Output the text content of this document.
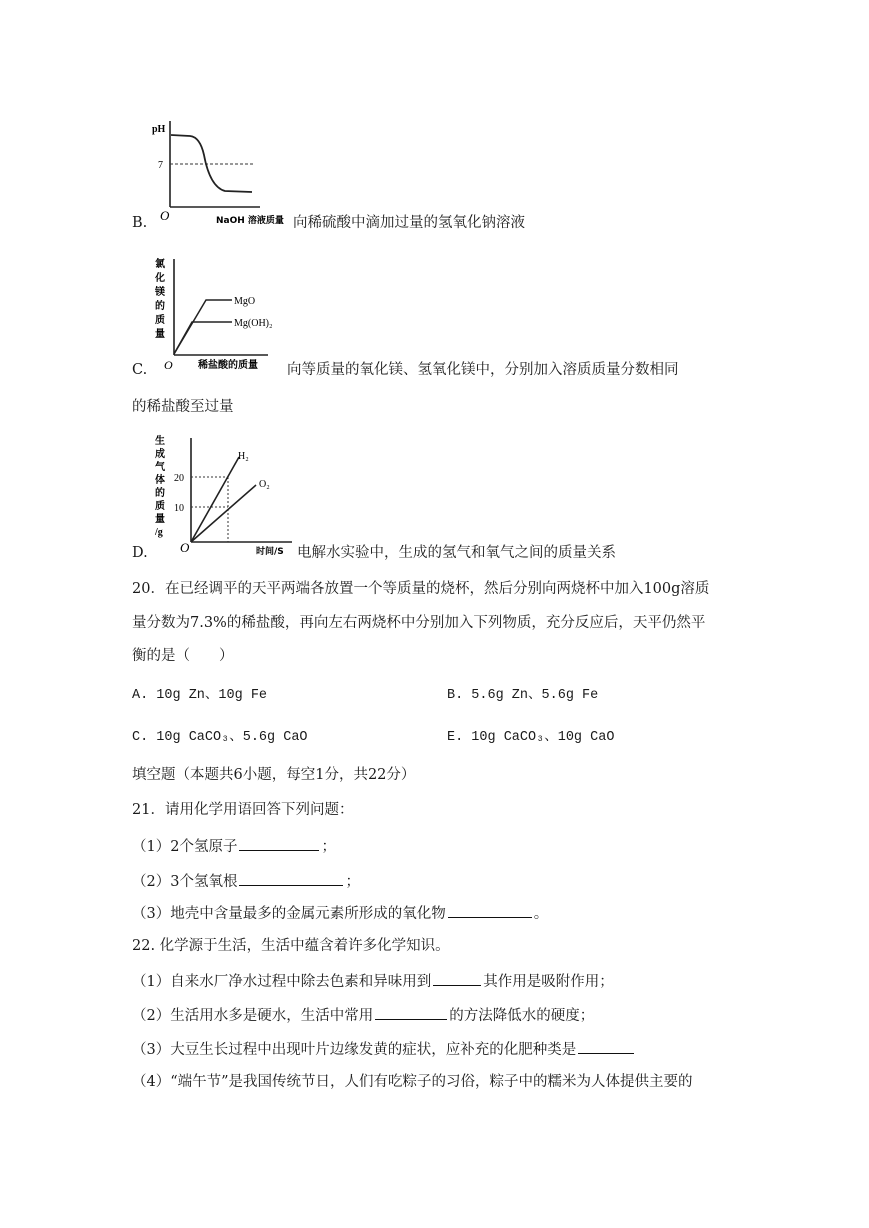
pH
7
O	NaOH 溶液质量
B.	向稀硫酸中滴加过量的氢氧化钠溶液
氯
化
镁
的
质
量
MgO
Mg(OH)₂
O	稀盐酸的质量
C.	向等质量的氧化镁、氢氧化镁中，分别加入溶质质量分数相同
的稀盐酸至过量
生
成
气
体
的
质
量
/g
20
10
H₂
O₂
O	时间/S
D.	电解水实验中，生成的氢气和氧气之间的质量关系
20．在已经调平的天平两端各放置一个等质量的烧杯，然后分别向两烧杯中加入100g溶质
量分数为7.3%的稀盐酸，再向左右两烧杯中分别加入下列物质，充分反应后，天平仍然平
衡的是（　　）
A. 10g Zn、10g Fe	B. 5.6g Zn、5.6g Fe
C. 10g CaCO₃、5.6g CaO	E. 10g CaCO₃、10g CaO
填空题（本题共6小题，每空1分，共22分）
21．请用化学用语回答下列问题：
（1）2个氢原子	；
（2）3个氢氧根	；
（3）地壳中含量最多的金属元素所形成的氧化物	。
22. 化学源于生活，生活中蕴含着许多化学知识。
（1）自来水厂净水过程中除去色素和异味用到	其作用是吸附作用；
（2）生活用水多是硬水，生活中常用	的方法降低水的硬度；
（3）大豆生长过程中出现叶片边缘发黄的症状，应补充的化肥种类是
（4）“端午节”是我国传统节日，人们有吃粽子的习俗，粽子中的糯米为人体提供主要的
